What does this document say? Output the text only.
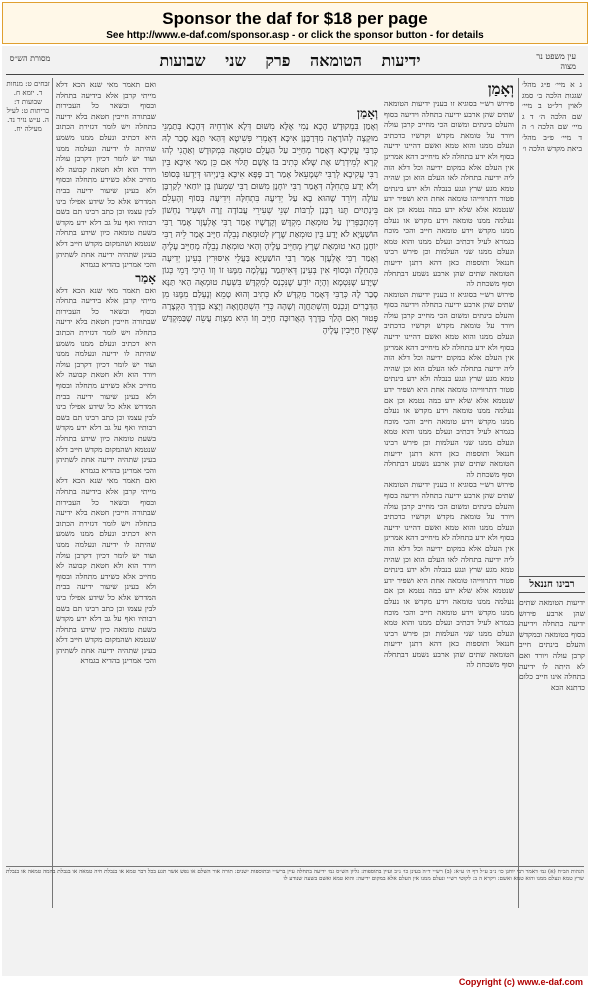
Sponsor the daf for $18 per page
See http://www.e-daf.com/sponsor.asp - or click the sponsor button - for details
עין משפט נר מצוה
ידיעות הטומאה פרק שני שבועות
מסורת הש״ס
ג א מיי׳ פ״ג מהל׳ שגגות הלכה ב׳ סמג לאוין רל״ט ב מיי׳ שם הלכה ה׳ ד ג מיי׳ שם הלכה ו׳ ה ד מיי׳ פ״ב מהל׳ ביאת מקדש הלכה ו׳
וְאָמַן
פירוש רש״י בסוגיא זו בענין ידיעות הטומאה שתים שהן ארבע ידיעה בתחלה וידיעה בסוף והעלם בינתים ומשום הכי מחייב קרבן עולה ויורד על טומאת מקדש וקדשיו כדכתיב ונעלם ממנו והוא טמא ואשם דהיינו ידיעה בסוף ולא ידע בתחלה לא מיחייב דהא אמרינן אין העלם אלא במקום ידיעה וכל דלא הוה ליה ידיעה בתחלה לאו העלם הוא וכן שהיה טמא מגע שרץ ונגע בנבלה ולא ידע בינתים פטור דתרווייהו טומאה אחת היא ושפיר ידע שנטמא אלא שלא ידע במה נטמא וכן אם נעלמה ממנו טומאה וידע מקדש או נעלם ממנו מקדש וידע טומאה חייב והכי מוכח בגמרא לעיל דכתיב ונעלם ממנו והוא טמא ונעלם ממנו שני העלמות וכן פירש רבינו חננאל ותוספות כאן דהא דתנן ידיעות הטומאה שתים שהן ארבע נשמע דבתחלה וסוף משכחת לה
פירוש רש״י בסוגיא זו בענין ידיעות הטומאה שתים שהן ארבע ידיעה בתחלה וידיעה בסוף והעלם בינתים ומשום הכי מחייב קרבן עולה ויורד על טומאת מקדש וקדשיו כדכתיב ונעלם ממנו והוא טמא ואשם דהיינו ידיעה בסוף ולא ידע בתחלה לא מיחייב דהא אמרינן אין העלם אלא במקום ידיעה וכל דלא הוה ליה ידיעה בתחלה לאו העלם הוא וכן שהיה טמא מגע שרץ ונגע בנבלה ולא ידע בינתים פטור דתרווייהו טומאה אחת היא ושפיר ידע שנטמא אלא שלא ידע במה נטמא וכן אם נעלמה ממנו טומאה וידע מקדש או נעלם ממנו מקדש וידע טומאה חייב והכי מוכח בגמרא לעיל דכתיב ונעלם ממנו והוא טמא ונעלם ממנו שני העלמות וכן פירש רבינו חננאל ותוספות כאן דהא דתנן ידיעות הטומאה שתים שהן ארבע נשמע דבתחלה וסוף משכחת לה
פירוש רש״י בסוגיא זו בענין ידיעות הטומאה שתים שהן ארבע ידיעה בתחלה וידיעה בסוף והעלם בינתים ומשום הכי מחייב קרבן עולה ויורד על טומאת מקדש וקדשיו כדכתיב ונעלם ממנו והוא טמא ואשם דהיינו ידיעה בסוף ולא ידע בתחלה לא מיחייב דהא אמרינן אין העלם אלא במקום ידיעה וכל דלא הוה ליה ידיעה בתחלה לאו העלם הוא וכן שהיה טמא מגע שרץ ונגע בנבלה ולא ידע בינתים פטור דתרווייהו טומאה אחת היא ושפיר ידע שנטמא אלא שלא ידע במה נטמא וכן אם נעלמה ממנו טומאה וידע מקדש או נעלם ממנו מקדש וידע טומאה חייב והכי מוכח בגמרא לעיל דכתיב ונעלם ממנו והוא טמא ונעלם ממנו שני העלמות וכן פירש רבינו חננאל ותוספות כאן דהא דתנן ידיעות הטומאה שתים שהן ארבע נשמע דבתחלה וסוף משכחת לה
וְאָמַן
וְאָמַן בִּמְקוּדָשׁ הָכָא נַמִי אֶלָּא מִשּׁוּם דְּלָא אוֹרְחֵיהּ דְּהָכָא בְּתַמְנֵי מוּקְצֶה לְהוֹרָאָה מִדְּרַבָּנָן אִיכָּא דְּאָמְרִי פְּשִׁיטָא דְּהַאי תַּנָּא סָבַר לָהּ כְּרַבִּי עֲקִיבָא דְּאָמַר מְחַיֵּיב עַל הַעֲלֵם טוּמְאָה בִּמְקוּדָשׁ וְאַהֲנִי לְהוּ קְרָא לְמֵידְרַשׁ אֶת שֶׁלֹּא כְּתִיב בּוֹ אָשָׁם תָּלוּי אִם כֵּן מַאי אִיכָּא בֵּין רַבִּי עֲקִיבָא לְרַבִּי יִשְׁמָעֵאל אָמַר רַב פָּפָּא אִיכָּא בֵּינַיְיהוּ דְּיַדְעוּ בְּסוֹפוֹ וְלֹא יָדַע בִּתְחִלָּה דְּאָמַר רַבִּי יוֹחָנָן מִשּׁוּם רַבִּי שִׁמְעוֹן בֶּן יוֹחַאי לְקַרְבָּן עוֹלֶה וְיוֹרֵד שֶׁהוּא בָּא עַל יְדִיעָה בִּתְחִלָּה וִידִיעָה בְּסוֹף וְהֶעְלֵם בֵּינְתַיִים תָּנוּ רַבָּנַן לְרַבּוֹת שְׁנֵי שְׁעִירֵי עֲבוֹדָה זָרָה וּשְׁעִיר נַחְשׁוֹן דְּמִתְכַּפְּרִין עַל טוּמְאַת מִקְדָּשׁ וְקָדָשָׁיו אָמַר רַבִּי אֶלְעָזָר אָמַר רַבִּי הוֹשַׁעְיָא לֹא יָדַע בֵּין טוּמְאַת שֶׁרֶץ לְטוּמְאַת נְבֵלָה חַיָּיב אָמַר לֵיהּ רַבִּי יוֹחָנָן הַאי טוּמְאַת שֶׁרֶץ מְחַיֵּיב עָלֶיהָ וְהַאי טוּמְאַת נְבֵלָה מְחַיֵּיב עָלֶיהָ וְאָמַר רַבִּי אֶלְעָזָר אָמַר רַבִּי הוֹשַׁעְיָא בַּעֲלֵי אִיסּוּרִין בְּעֵינַן יְדִיעָה בִּתְחִלָּה וּבְסוֹף אִין בְּעֵינַן דְּאִיתְּמַר נֶעֱלְמָה מִמֶּנּוּ זוֹ וְזוֹ הֵיכִי דָּמֵי כְּגוֹן שֶׁיָּדַע שֶׁנִּטְמָא וְהָיָה יוֹדֵעַ שֶׁנִּכְנַס לְמִקְדָּשׁ בִּשְׁעַת טוּמְאָה הַאי תַּנָּא סָבַר לָהּ כְּרַבִּי דְּאָמַר מִקְדָּשׁ לֹא כְּתִיב וְהוּא טָמֵא וְנֶעְלַם מִמֶּנּוּ מִן הַדְּבָרִים וְנִכְנַס וְהִשְׁתַּחֲוָה וְשָׁהָה כְּדֵי הִשְׁתַּחֲוָאָה וְיָצָא בַּדֶּרֶךְ הַקְּצָרָה פָּטוּר וְאִם הָלַךְ בַּדֶּרֶךְ הָאֲרוּכָּה חַיָּיב וְזוֹ הִיא מִצְוַת עֲשֵׂה שֶׁבַּמִּקְדָּשׁ שֶׁאֵין חַיָּיבִין עָלֶיהָ
ואם תאמר מאי שנא הכא דלא מייתי קרבן אלא בידיעה בתחלה ובסוף ובשאר כל העבירות שבתורה חייבין חטאת בלא ידיעה בתחלה ויש לומר דגזירת הכתוב היא דכתיב ונעלם ממנו משמע שהיתה לו ידיעה ונעלמה ממנו ועוד יש לומר דכיון דקרבן עולה ויורד הוא ולא חטאת קבועה לא מחייב אלא כשידע מתחלה ובסוף ולא בעינן שיעור ידיעה בבית המדרש אלא כל שידע אפילו בינו לבין עצמו וכן כתב רבינו תם בשם רבותיו ואף על גב דלא ידע מקדש בשעת טומאה כיון שידע בתחלה שנטמא ושהמקום מקדש חייב דלא בעינן שתהיה ידיעה אחת לשתיהן והכי אמרינן בהדיא בגמרא
אָמַר
ואם תאמר מאי שנא הכא דלא מייתי קרבן אלא בידיעה בתחלה ובסוף ובשאר כל העבירות שבתורה חייבין חטאת בלא ידיעה בתחלה ויש לומר דגזירת הכתוב היא דכתיב ונעלם ממנו משמע שהיתה לו ידיעה ונעלמה ממנו ועוד יש לומר דכיון דקרבן עולה ויורד הוא ולא חטאת קבועה לא מחייב אלא כשידע מתחלה ובסוף ולא בעינן שיעור ידיעה בבית המדרש אלא כל שידע אפילו בינו לבין עצמו וכן כתב רבינו תם בשם רבותיו ואף על גב דלא ידע מקדש בשעת טומאה כיון שידע בתחלה שנטמא ושהמקום מקדש חייב דלא בעינן שתהיה ידיעה אחת לשתיהן והכי אמרינן בהדיא בגמרא
ואם תאמר מאי שנא הכא דלא מייתי קרבן אלא בידיעה בתחלה ובסוף ובשאר כל העבירות שבתורה חייבין חטאת בלא ידיעה בתחלה ויש לומר דגזירת הכתוב היא דכתיב ונעלם ממנו משמע שהיתה לו ידיעה ונעלמה ממנו ועוד יש לומר דכיון דקרבן עולה ויורד הוא ולא חטאת קבועה לא מחייב אלא כשידע מתחלה ובסוף ולא בעינן שיעור ידיעה בבית המדרש אלא כל שידע אפילו בינו לבין עצמו וכן כתב רבינו תם בשם רבותיו ואף על גב דלא ידע מקדש בשעת טומאה כיון שידע בתחלה שנטמא ושהמקום מקדש חייב דלא בעינן שתהיה ידיעה אחת לשתיהן והכי אמרינן בהדיא בגמרא
זבחים ט: מנחות ד. יומא ח. שבועות ד: כריתות ט: לעיל ה. ע״ש נזיר נד. מעילה יח.
רבינו חננאל
ידיעות הטומאה שתים שהן ארבע פירוש ידיעה בתחלה וידיעה בסוף בטומאה ובמקדש והעלם בינתים חייב קרבן עולה ויורד ואם לא היתה לו ידיעה בתחלה אינו חייב כלום כדתנא הכא
הגהות הב״ח (א) גמ׳ דאמר רבי יוחנן כו׳ נ״ב ע״ל דף ה׳ ע״א: (ב) רש״י ד״ה בעינן כו׳ נ״ב ועיין בתוספות: גליון הש״ס גמ׳ ידיעה בתחלה עיין ברש״י ובתוספות ישנים: תורה אור השלם או נפש אשר תגע בכל דבר טמא או בנבלת חיה טמאה או בנבלת בהמה טמאה או בנבלת שרץ טמא ונעלם ממנו והוא טמא ואשם: ויקרא ה ב: לקוטי רש״י ונעלם ממנו אין העלם אלא במקום ידיעה: והוא טמא ואשם בשעה שנודע לו
Copyright (c) www.e-daf.com
